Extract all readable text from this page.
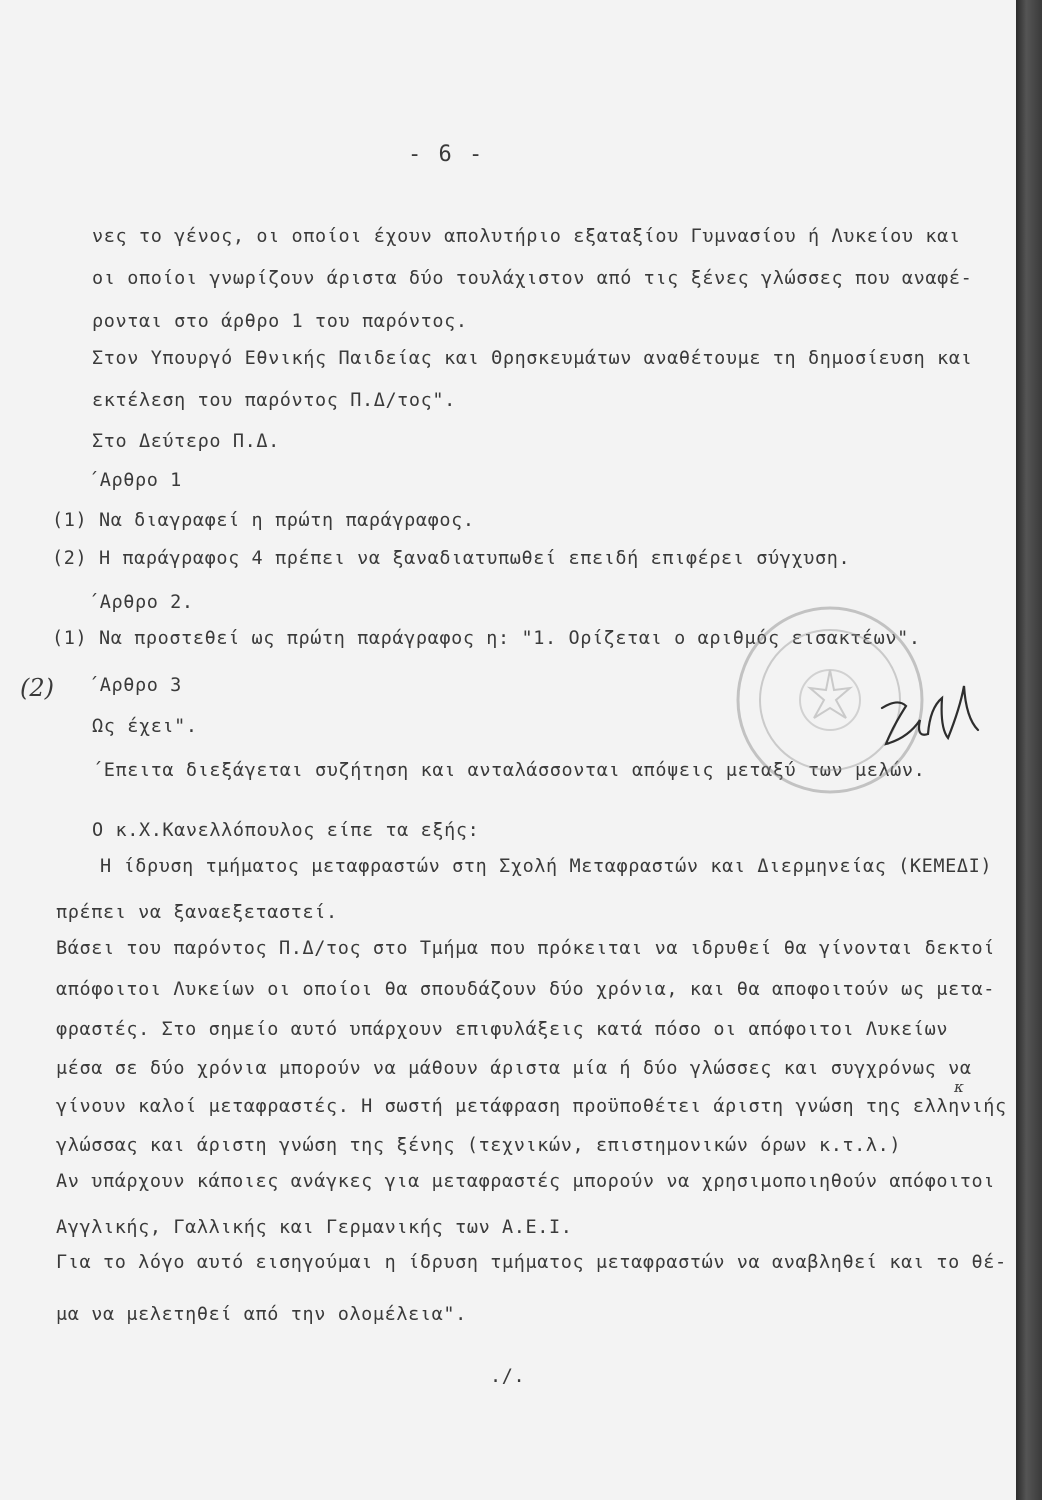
- 6 -
νες το γένος, οι οποίοι έχουν απολυτήριο εξαταξίου Γυμνασίου ή Λυκείου και
οι οποίοι γνωρίζουν άριστα δύο τουλάχιστον από τις ξένες γλώσσες που αναφέ-
ρονται στο άρθρο 1 του παρόντος.
Στον Υπουργό Εθνικής Παιδείας και Θρησκευμάτων αναθέτουμε τη δημοσίευση και
εκτέλεση του παρόντος Π.Δ/τος".
Στο Δεύτερο Π.Δ.
΄Αρθρο 1
(1) Να διαγραφεί η πρώτη παράγραφος.
(2) Η παράγραφος 4 πρέπει να ξαναδιατυπωθεί επειδή επιφέρει σύγχυση.
΄Αρθρο 2.
(1) Να προστεθεί ως πρώτη παράγραφος η: "1. Ορίζεται ο αριθμός εισακτέων".
΄Αρθρο 3
Ως έχει".
΄Επειτα διεξάγεται συζήτηση και ανταλάσσονται απόψεις μεταξύ των μελών.
Ο κ.Χ.Κανελλόπουλος είπε τα εξής:
Η ίδρυση τμήματος μεταφραστών στη Σχολή Μεταφραστών και Διερμηνείας (ΚΕΜΕΔΙ)
πρέπει να ξαναεξεταστεί.
Βάσει του παρόντος Π.Δ/τος στο Τμήμα που πρόκειται να ιδρυθεί θα γίνονται δεκτοί
απόφοιτοι Λυκείων οι οποίοι θα σπουδάζουν δύο χρόνια, και θα αποφοιτούν ως μετα-
φραστές. Στο σημείο αυτό υπάρχουν επιφυλάξεις κατά πόσο οι απόφοιτοι Λυκείων
μέσα σε δύο χρόνια μπορούν να μάθουν άριστα μία ή δύο γλώσσες και συγχρόνως να
γίνουν καλοί μεταφραστές. Η σωστή μετάφραση προϋποθέτει άριστη γνώση της ελληνιής
γλώσσας και άριστη γνώση της ξένης (τεχνικών, επιστημονικών όρων κ.τ.λ.)
Αν υπάρχουν κάποιες ανάγκες για μεταφραστές μπορούν να χρησιμοποιηθούν απόφοιτοι
Αγγλικής, Γαλλικής και Γερμανικής των Α.Ε.Ι.
Για το λόγο αυτό εισηγούμαι η ίδρυση τμήματος μεταφραστών να αναβληθεί και το θέ-
μα να μελετηθεί από την ολομέλεια".
./.
(2)
κ
